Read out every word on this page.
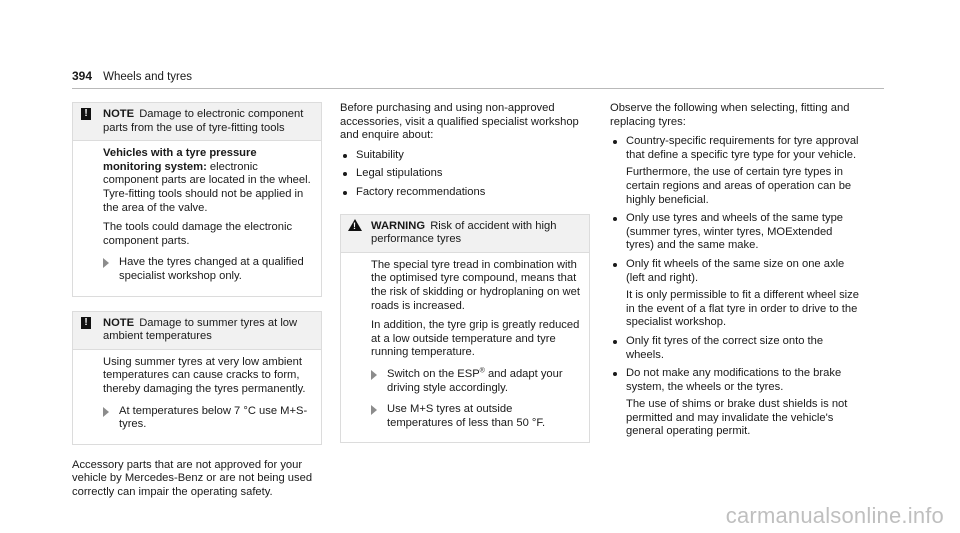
394 Wheels and tyres
! NOTE Damage to electronic component parts from the use of tyre-fitting tools

Vehicles with a tyre pressure monitoring system: electronic component parts are located in the wheel. Tyre-fitting tools should not be applied in the area of the valve.

The tools could damage the electronic component parts.

Have the tyres changed at a qualified specialist workshop only.
! NOTE Damage to summer tyres at low ambient temperatures

Using summer tyres at very low ambient temperatures can cause cracks to form, thereby damaging the tyres permanently.

At temperatures below 7 °C use M+S-tyres.

Accessory parts that are not approved for your vehicle by Mercedes-Benz or are not being used correctly can impair the operating safety.

Before purchasing and using non-approved accessories, visit a qualified specialist workshop and enquire about:

Suitability
Legal stipulations
Factory recommendations
! WARNING Risk of accident with high performance tyres

The special tyre tread in combination with the optimised tyre compound, means that the risk of skidding or hydroplaning on wet roads is increased.

In addition, the tyre grip is greatly reduced at a low outside temperature and tyre running temperature.

Switch on the ESP® and adapt your driving style accordingly.
Use M+S tyres at outside temperatures of less than 50 °F.

Observe the following when selecting, fitting and replacing tyres:

Country-specific requirements for tyre approval that define a specific tyre type for your vehicle.
Furthermore, the use of certain tyre types in certain regions and areas of operation can be highly beneficial.
Only use tyres and wheels of the same type (summer tyres, winter tyres, MOExtended tyres) and the same make.
Only fit wheels of the same size on one axle (left and right).
It is only permissible to fit a different wheel size in the event of a flat tyre in order to drive to the specialist workshop.
Only fit tyres of the correct size onto the wheels.
Do not make any modifications to the brake system, the wheels or the tyres.
The use of shims or brake dust shields is not permitted and may invalidate the vehicle's general operating permit.
carmanualsonline.info
